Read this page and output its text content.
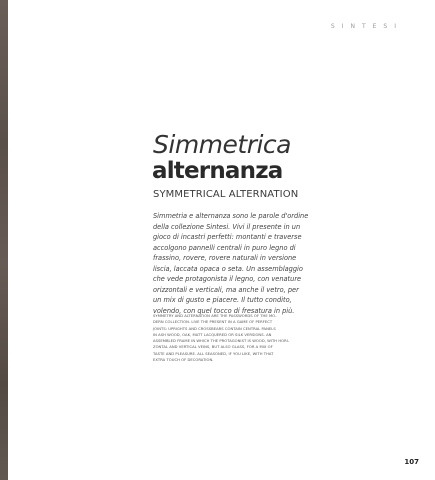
SINTESI
Simmetrica
alternanza
SYMMETRICAL ALTERNATION
Simmetria e alternanza sono le parole d'ordine
della collezione Sintesi. Vivi il presente in un
gioco di incastri perfetti: montanti e traverse
accolgono pannelli centrali in puro legno di
frassino, rovere, rovere naturali in versione
liscia, laccata opaca o seta. Un assemblaggio
che vede protagonista il legno, con venature
orizzontali e verticali, ma anche il vetro, per
un mix di gusto e piacere. Il tutto condito,
volendo, con quel tocco di fresatura in più.
SYMMETRY AND ALTERNATION ARE THE PASSWORDS OF THE MO-
DERN COLLECTION. LIVE THE PRESENT IN A GAME OF PERFECT
JOINTS: UPRIGHTS AND CROSSBEARS CONTAIN CENTRAL PANELS
IN ASH WOOD, OAK, MATT LACQUERED OR SILK VERSIONS. AN
ASSEMBLED FRAME IN WHICH THE PROTAGONIST IS WOOD, WITH HORI-
ZONTAL AND VERTICAL VEINS, BUT ALSO GLASS, FOR A MIX OF
TASTE AND PLEASURE. ALL SEASONED, IF YOU LIKE, WITH THAT
EXTRA TOUCH OF DECORATION.
107
